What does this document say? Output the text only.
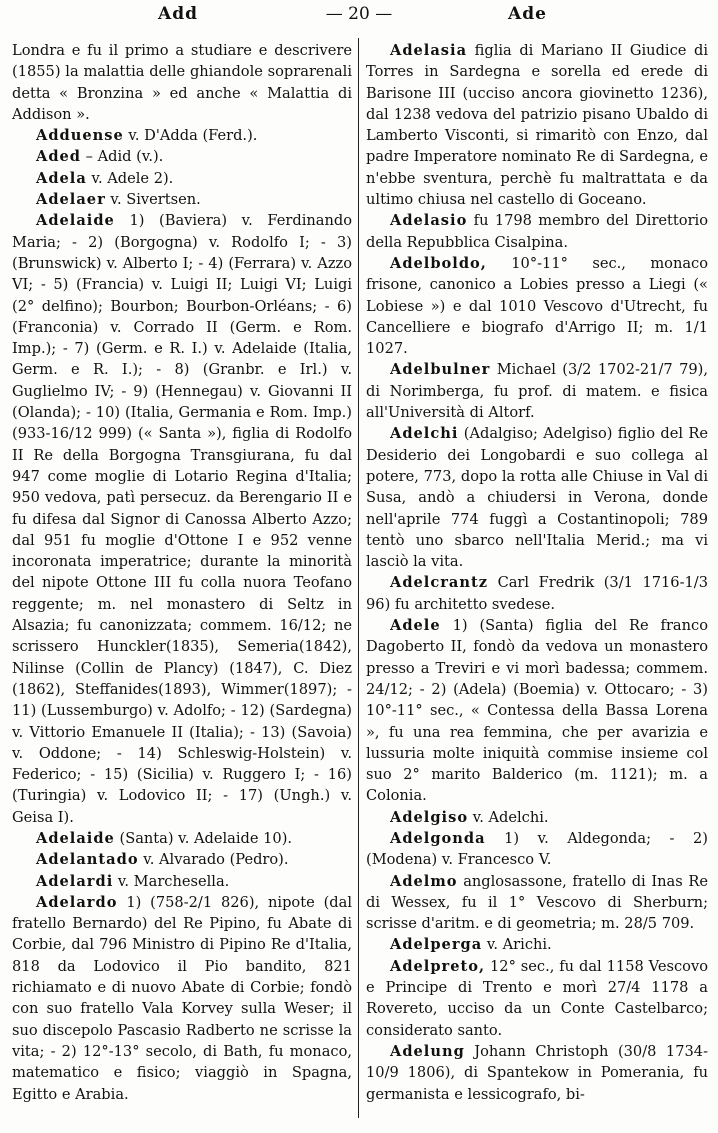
— 20 —
Add	Ade

Londra e fu il primo a studiare e descrivere (1855) la malattia delle ghiandole soprarenali detta « Bronzina » ed anche « Malattia di Addison ».

Adduense v. D'Adda (Ferd.).

Aded – Adid (v.).

Adela v. Adele 2).

Adelaer v. Sivertsen.

Adelaide 1) (Baviera) v. Ferdinando Maria; - 2) (Borgogna) v. Rodolfo I; - 3) (Brunswick) v. Alberto I; - 4) (Ferrara) v. Azzo VI; - 5) (Francia) v. Luigi II; Luigi VI; Luigi (2° delfino); Bourbon; Bourbon-Orléans; - 6) (Franconia) v. Corrado II (Germ. e Rom. Imp.); - 7) (Germ. e R. I.) v. Adelaide (Italia, Germ. e R. I.); - 8) (Granbr. e Irl.) v. Guglielmo IV; - 9) (Hennegau) v. Giovanni II (Olanda); - 10) (Italia, Germania e Rom. Imp.) (933-16/12 999) (« Santa »), figlia di Rodolfo II Re della Borgogna Transgiurana, fu dal 947 come moglie di Lotario Regina d'Italia; 950 vedova, patì persecuz. da Berengario II e fu difesa dal Signor di Canossa Alberto Azzo; dal 951 fu moglie d'Ottone I e 952 venne incoronata imperatrice; durante la minorità del nipote Ottone III fu colla nuora Teofano reggente; m. nel monastero di Seltz in Alsazia; fu canonizzata; commem. 16/12; ne scrissero Hunckler(1835), Semeria(1842), Nilinse (Collin de Plancy) (1847), C. Diez (1862), Steffanides(1893), Wimmer(1897); - 11) (Lussemburgo) v. Adolfo; - 12) (Sardegna) v. Vittorio Emanuele II (Italia); - 13) (Savoia) v. Oddone; - 14) Schleswig-Holstein) v. Federico; - 15) (Sicilia) v. Ruggero I; - 16) (Turingia) v. Lodovico II; - 17) (Ungh.) v. Geisa I).

Adelaide (Santa) v. Adelaide 10).

Adelantado v. Alvarado (Pedro).

Adelardi v. Marchesella.

Adelardo 1) (758-2/1 826), nipote (dal fratello Bernardo) del Re Pipino, fu Abate di Corbie, dal 796 Ministro di Pipino Re d'Italia, 818 da Lodovico il Pio bandito, 821 richiamato e di nuovo Abate di Corbie; fondò con suo fratello Vala Korvey sulla Weser; il suo discepolo Pascasio Radberto ne scrisse la vita; - 2) 12°-13° secolo, di Bath, fu monaco, matematico e fisico; viaggiò in Spagna, Egitto e Arabia.

Adelasia figlia di Mariano II Giudice di Torres in Sardegna e sorella ed erede di Barisone III (ucciso ancora giovinetto 1236), dal 1238 vedova del patrizio pisano Ubaldo di Lamberto Visconti, si rimaritò con Enzo, dal padre Imperatore nominato Re di Sardegna, e n'ebbe sventura, perchè fu maltrattata e da ultimo chiusa nel castello di Goceano.

Adelasio fu 1798 membro del Direttorio della Repubblica Cisalpina.

Adelboldo, 10°-11° sec., monaco frisone, canonico a Lobies presso a Liegi (« Lobiese ») e dal 1010 Vescovo d'Utrecht, fu Cancelliere e biografo d'Arrigo II; m. 1/1 1027.

Adelbulner Michael (3/2 1702-21/7 79), di Norimberga, fu prof. di matem. e fisica all'Università di Altorf.

Adelchi (Adalgiso; Adelgiso) figlio del Re Desiderio dei Longobardi e suo collega al potere, 773, dopo la rotta alle Chiuse in Val di Susa, andò a chiudersi in Verona, donde nell'aprile 774 fuggì a Costantinopoli; 789 tentò uno sbarco nell'Italia Merid.; ma vi lasciò la vita.

Adelcrantz Carl Fredrik (3/1 1716-1/3 96) fu architetto svedese.

Adele 1) (Santa) figlia del Re franco Dagoberto II, fondò da vedova un monastero presso a Treviri e vi morì badessa; commem. 24/12; - 2) (Adela) (Boemia) v. Ottocaro; - 3) 10°-11° sec., « Contessa della Bassa Lorena », fu una rea femmina, che per avarizia e lussuria molte iniquità commise insieme col suo 2° marito Balderico (m. 1121); m. a Colonia.

Adelgiso v. Adelchi.

Adelgonda 1) v. Aldegonda; - 2) (Modena) v. Francesco V.

Adelmo anglosassone, fratello di Inas Re di Wessex, fu il 1° Vescovo di Sherburn; scrisse d'aritm. e di geometria; m. 28/5 709.

Adelperga v. Arichi.

Adelpreto, 12° sec., fu dal 1158 Vescovo e Principe di Trento e morì 27/4 1178 a Rovereto, ucciso da un Conte Castelbarco; considerato santo.

Adelung Johann Christoph (30/8 1734-10/9 1806), di Spantekow in Pomerania, fu germanista e lessicografo, bi-
